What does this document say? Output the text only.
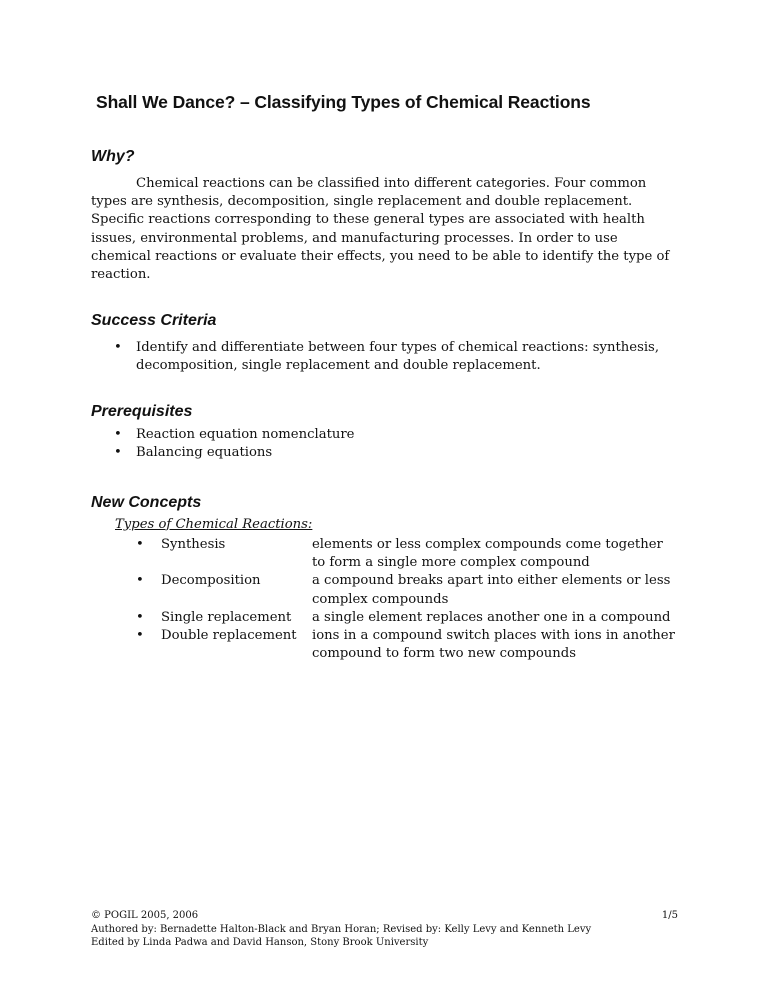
Shall We Dance? – Classifying Types of Chemical Reactions
Why?

Chemical reactions can be classified into different categories. Four common types are synthesis, decomposition, single replacement and double replacement. Specific reactions corresponding to these general types are associated with health issues, environmental problems, and manufacturing processes. In order to use chemical reactions or evaluate their effects, you need to be able to identify the type of reaction.

Success Criteria
• Identify and differentiate between four types of chemical reactions: synthesis, decomposition, single replacement and double replacement.
Prerequisites
• Reaction equation nomenclature
• Balancing equations
New Concepts
Types of Chemical Reactions:
• Synthesis	elements or less complex compounds come together to form a single more complex compound
• Decomposition	a compound breaks apart into either elements or less complex compounds
• Single replacement	a single element replaces another one in a compound
• Double replacement	ions in a compound switch places with ions in another compound to form two new compounds
© POGIL 2005, 2006	1/5
Authored by: Bernadette Halton-Black and Bryan Horan; Revised by: Kelly Levy and Kenneth Levy
Edited by Linda Padwa and David Hanson, Stony Brook University
